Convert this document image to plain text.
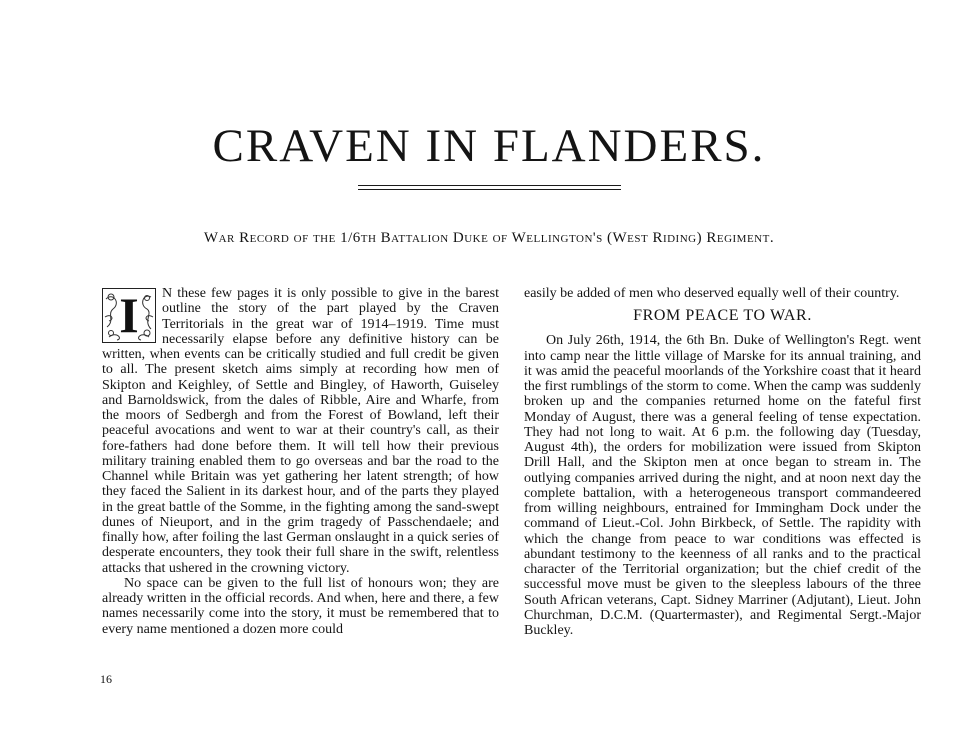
CRAVEN IN FLANDERS.
War Record of the 1/6th Battalion Duke of Wellington's (West Riding) Regiment.

I	N these few pages it is only possible to give in the barest outline the story of the part played by the Craven Territorials in the great war of 1914–1919. Time must necessarily elapse before any definitive history can be written, when events can be critically studied and full credit be given to all. The present sketch aims simply at recording how men of Skipton and Keighley, of Settle and Bingley, of Haworth, Guiseley and Barnoldswick, from the dales of Ribble, Aire and Wharfe, from the moors of Sedbergh and from the Forest of Bowland, left their peaceful avocations and went to war at their country's call, as their fore-fathers had done before them. It will tell how their previous military training enabled them to go overseas and bar the road to the Channel while Britain was yet gathering her latent strength; of how they faced the Salient in its darkest hour, and of the parts they played in the great battle of the Somme, in the fighting among the sand-swept dunes of Nieuport, and in the grim tragedy of Passchendaele; and finally how, after foiling the last German onslaught in a quick series of desperate encounters, they took their full share in the swift, relentless attacks that ushered in the crowning victory.

No space can be given to the full list of honours won; they are already written in the official records. And when, here and there, a few names necessarily come into the story, it must be remembered that to every name mentioned a dozen more could

easily be added of men who deserved equally well of their country.

FROM PEACE TO WAR.

On July 26th, 1914, the 6th Bn. Duke of Wellington's Regt. went into camp near the little village of Marske for its annual training, and it was amid the peaceful moorlands of the Yorkshire coast that it heard the first rumblings of the storm to come. When the camp was suddenly broken up and the companies returned home on the fateful first Monday of August, there was a general feeling of tense expectation. They had not long to wait. At 6 p.m. the following day (Tuesday, August 4th), the orders for mobilization were issued from Skipton Drill Hall, and the Skipton men at once began to stream in. The outlying companies arrived during the night, and at noon next day the complete battalion, with a heterogeneous transport commandeered from willing neighbours, entrained for Immingham Dock under the command of Lieut.-Col. John Birkbeck, of Settle. The rapidity with which the change from peace to war conditions was effected is abundant testimony to the keenness of all ranks and to the practical character of the Territorial organization; but the chief credit of the successful move must be given to the sleepless labours of the three South African veterans, Capt. Sidney Marriner (Adjutant), Lieut. John Churchman, D.C.M. (Quartermaster), and Regimental Sergt.-Major Buckley.

16
